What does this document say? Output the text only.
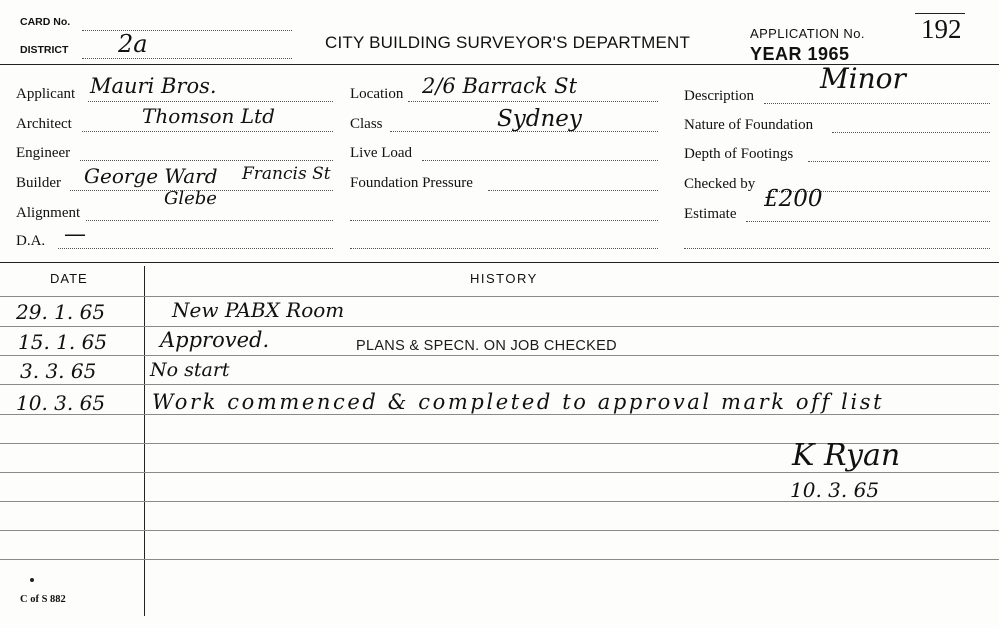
CARD No.
DISTRICT 2a	CITY BUILDING SURVEYOR'S DEPARTMENT	APPLICATION No. 192
YEAR 1965
Applicant Mauri Bros.
Architect	Thomson Ltd
Engineer
Builder George Ward Francis St
Glebe
Alignment
D.A. —
Location 2/6 Barrack St
Class	Sydney
Live Load
Foundation Pressure
Description
Minor
Nature of Foundation
Depth of Footings
Checked by
Estimate
£200
DATE	HISTORY
29. 1. 65	New PABX Room
15. 1. 65	Approved.	PLANS & SPECN. ON JOB CHECKED
3. 3. 65	No start
10. 3. 65 Work commenced & completed to approval mark off list
K Ryan
10. 3. 65
C of S 882
